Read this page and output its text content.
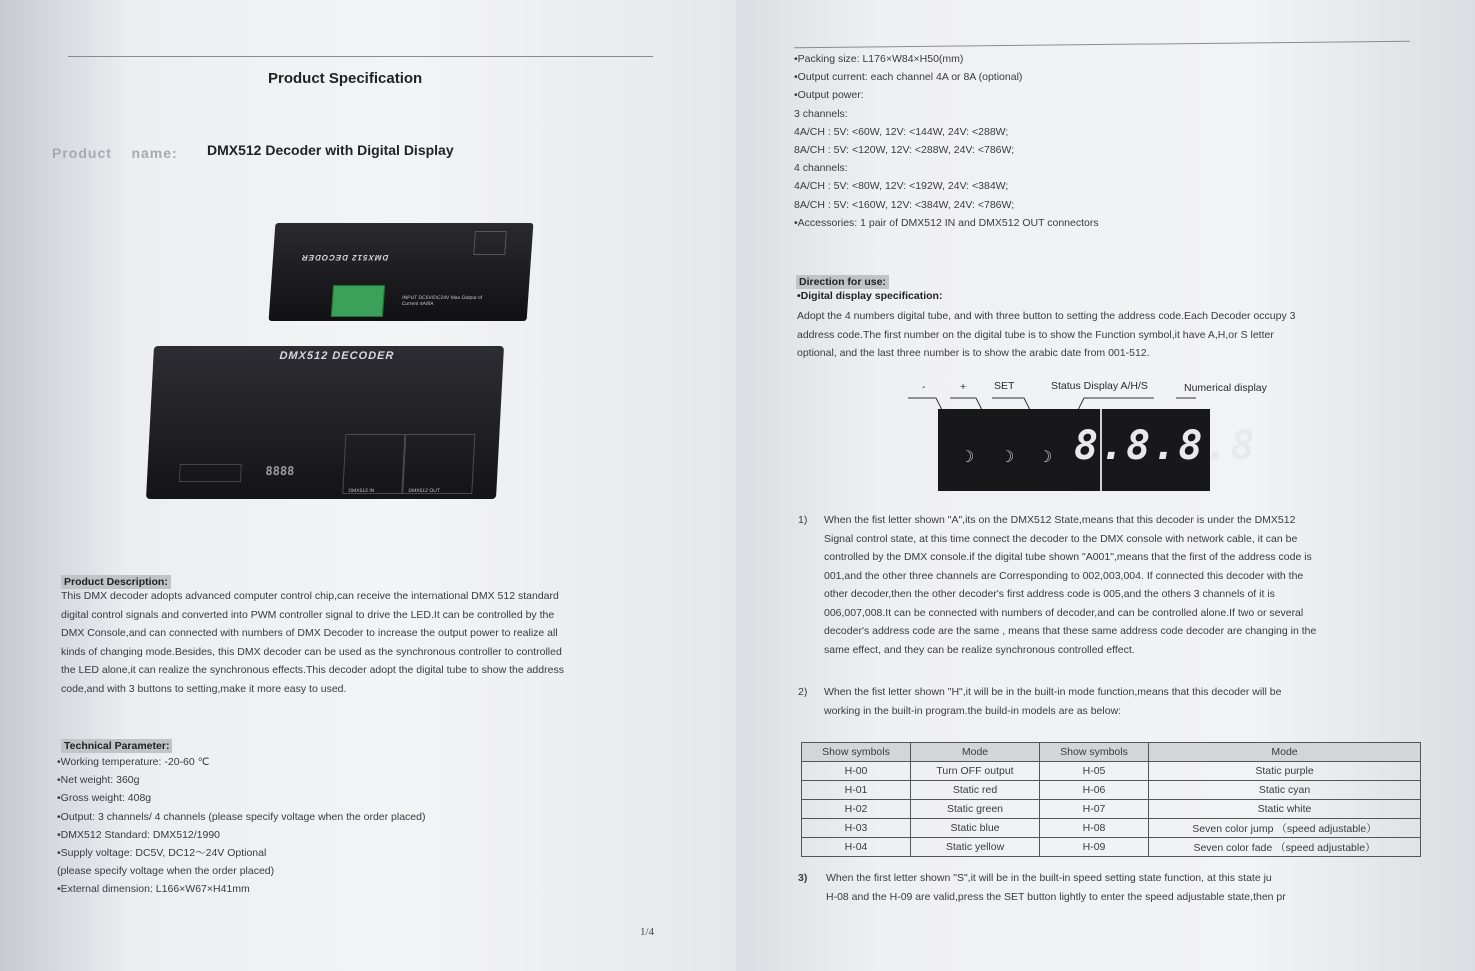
Product Specification
Product    name: DMX512 Decoder with Digital Display
DMX512 DECODER
INPUT DC5V/DC24V Max Output of Current 4A/8A
DMX512 DECODER
DMX512 IN	DMX512 OUT
8888
Product Description:
This DMX decoder adopts advanced computer control chip,can receive the international DMX 512 standard
digital control signals and converted into PWM controller signal to drive the LED.It can be controlled by the
DMX Console,and can connected with numbers of DMX Decoder to increase the output power to realize all
kinds of changing mode.Besides, this DMX decoder can be used as the synchronous controller to controlled
the LED alone,it can realize the synchronous effects.This decoder adopt the digital tube to show the address
code,and with 3 buttons to setting,make it more easy to used.
Technical Parameter:
•Working temperature: -20-60 ℃
•Net weight: 360g
•Gross weight: 408g
•Output: 3 channels/ 4 channels (please specify voltage when the order placed)
•DMX512 Standard: DMX512/1990
•Supply voltage: DC5V, DC12～24V Optional
(please specify voltage when the order placed)
•External dimension: L166×W67×H41mm
1/4
•Packing size: L176×W84×H50(mm)
•Output current: each channel 4A or 8A (optional)
•Output power:
3 channels:
4A/CH : 5V: <60W, 12V: <144W, 24V: <288W;
8A/CH : 5V: <120W, 12V: <288W, 24V: <786W;
4 channels:
4A/CH : 5V: <80W, 12V: <192W, 24V: <384W;
8A/CH : 5V: <160W, 12V: <384W, 24V: <786W;
•Accessories: 1 pair of DMX512 IN and DMX512 OUT connectors
Direction for use:
•Digital display specification:
Adopt the 4 numbers digital tube, and with three button to setting the address code.Each Decoder occupy 3
address code.The first number on the digital tube is to show the Function symbol,it have A,H,or S letter
optional, and the last three number is to show the arabic date from 001-512.
-	+	SET	Status Display A/H/S	Numerical display
☽ ☽ ☽ 8.8.8.8
1) When the fist letter shown "A",its on the DMX512 State,means that this decoder is under the DMX512
Signal control state, at this time connect the decoder to the DMX console with network cable, it can be
controlled by the DMX console.if the digital tube shown "A001",means that the first of the address code is
001,and the other three channels are Corresponding to 002,003,004. If connected this decoder with the
other decoder,then the other decoder's first address code is 005,and the others 3 channels of it is
006,007,008.It can be connected with numbers of decoder,and can be controlled alone.If two or several
decoder's address code are the same , means that these same address code decoder are changing in the
same effect, and they can be realize synchronous controlled effect.
2) When the fist letter shown "H",it will be in the built-in mode function,means that this decoder will be
working in the built-in program.the build-in models are as below:
Show symbols	Mode	Show symbols	Mode
H-00	Turn OFF output	H-05	Static purple
H-01	Static red	H-06	Static cyan
H-02	Static green	H-07	Static white
H-03	Static blue	H-08	Seven color jump （speed adjustable）
H-04	Static yellow	H-09	Seven color fade （speed adjustable）
3) When the first letter shown "S",it will be in the built-in speed setting state function, at this state ju
H-08 and the H-09 are valid,press the SET button lightly to enter the speed adjustable state,then pr
